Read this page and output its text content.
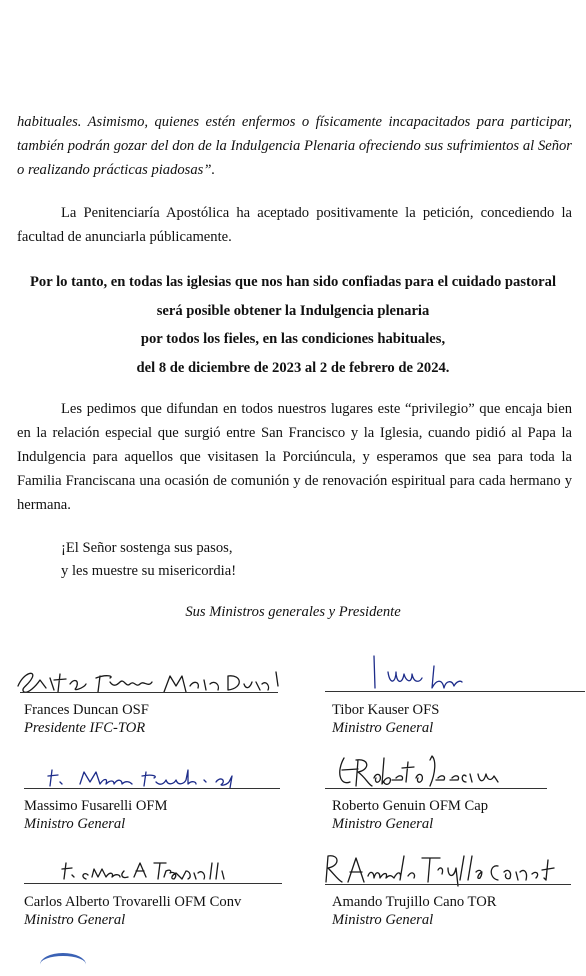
habituales. Asimismo, quienes estén enfermos o físicamente incapacitados para participar, también podrán gozar del don de la Indulgencia Plenaria ofreciendo sus sufrimientos al Señor o realizando prácticas piadosas”.
La Penitenciaría Apostólica ha aceptado positivamente la petición, concediendo la facultad de anunciarla públicamente.
Por lo tanto, en todas las iglesias que nos han sido confiadas para el cuidado pastoral
será posible obtener la Indulgencia plenaria
por todos los fieles, en las condiciones habituales,
del 8 de diciembre de 2023 al 2 de febrero de 2024.
Les pedimos que difundan en todos nuestros lugares este “privilegio” que encaja bien en la relación especial que surgió entre San Francisco y la Iglesia, cuando pidió al Papa la Indulgencia para aquellos que visitasen la Porciúncula, y esperamos que sea para toda la Familia Franciscana una ocasión de comunión y de renovación espiritual para cada hermano y hermana.
¡El Señor sostenga sus pasos,
y les muestre su misericordia!
Sus Ministros generales y Presidente
Frances Duncan OSF
Presidente IFC-TOR
Tibor Kauser OFS
Ministro General
Massimo Fusarelli OFM
Ministro General
Roberto Genuin OFM Cap
Ministro General
Carlos Alberto Trovarelli OFM Conv
Ministro General
Amando Trujillo Cano TOR
Ministro General
